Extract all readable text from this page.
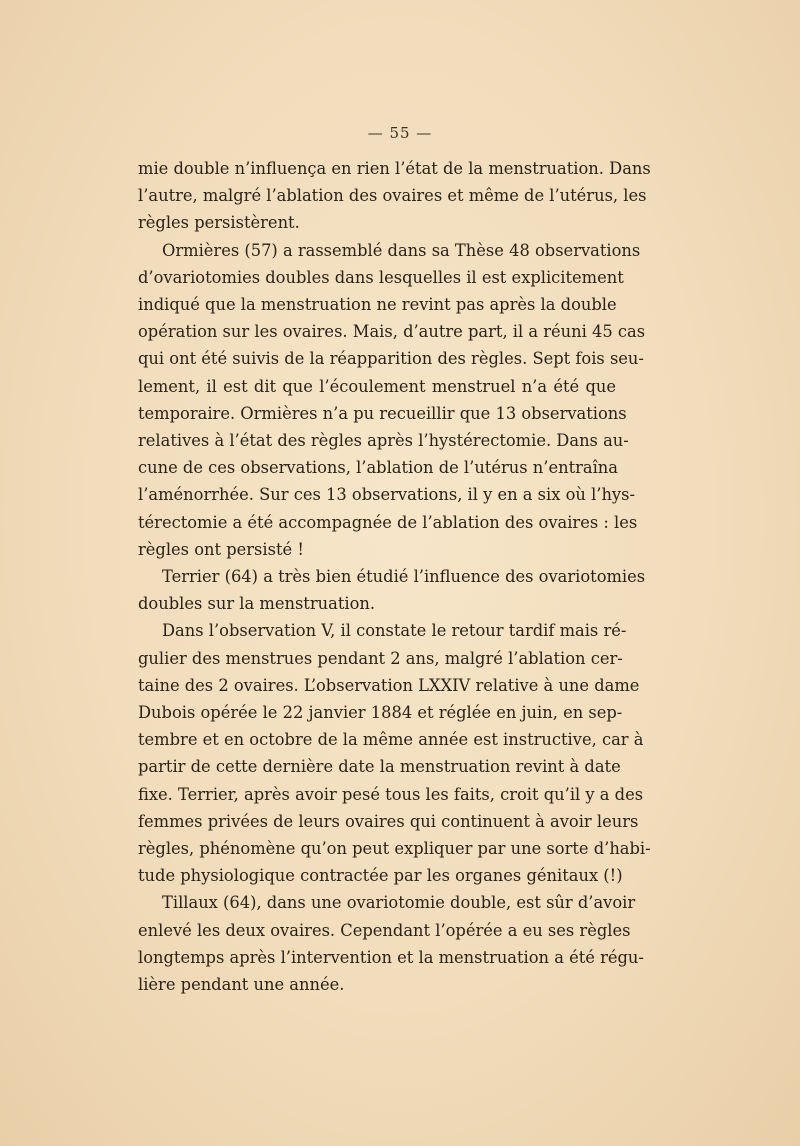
— 55 —
mie double n’influença en rien l’état de la menstruation. Dans
l’autre, malgré l’ablation des ovaires et même de l’utérus, les
règles persistèrent.
Ormières (57) a rassemblé dans sa Thèse 48 observations
d’ovariotomies doubles dans lesquelles il est explicitement
indiqué que la menstruation ne revint pas après la double
opération sur les ovaires. Mais, d’autre part, il a réuni 45 cas
qui ont été suivis de la réapparition des règles. Sept fois seu-
lement, il est dit que l’écoulement menstruel n’a été que
temporaire. Ormières n’a pu recueillir que 13 observations
relatives à l’état des règles après l’hystérectomie. Dans au-
cune de ces observations, l’ablation de l’utérus n’entraîna
l’aménorrhée. Sur ces 13 observations, il y en a six où l’hys-
térectomie a été accompagnée de l’ablation des ovaires : les
règles ont persisté !
Terrier (64) a très bien étudié l’influence des ovariotomies
doubles sur la menstruation.
Dans l’observation V, il constate le retour tardif mais ré-
gulier des menstrues pendant 2 ans, malgré l’ablation cer-
taine des 2 ovaires. L’observation LXXIV relative à une dame
Dubois opérée le 22 janvier 1884 et réglée en juin, en sep-
tembre et en octobre de la même année est instructive, car à
partir de cette dernière date la menstruation revint à date
fixe. Terrier, après avoir pesé tous les faits, croit qu’il y a des
femmes privées de leurs ovaires qui continuent à avoir leurs
règles, phénomène qu’on peut expliquer par une sorte d’habi-
tude physiologique contractée par les organes génitaux (!)
Tillaux (64), dans une ovariotomie double, est sûr d’avoir
enlevé les deux ovaires. Cependant l’opérée a eu ses règles
longtemps après l’intervention et la menstruation a été régu-
lière pendant une année.
